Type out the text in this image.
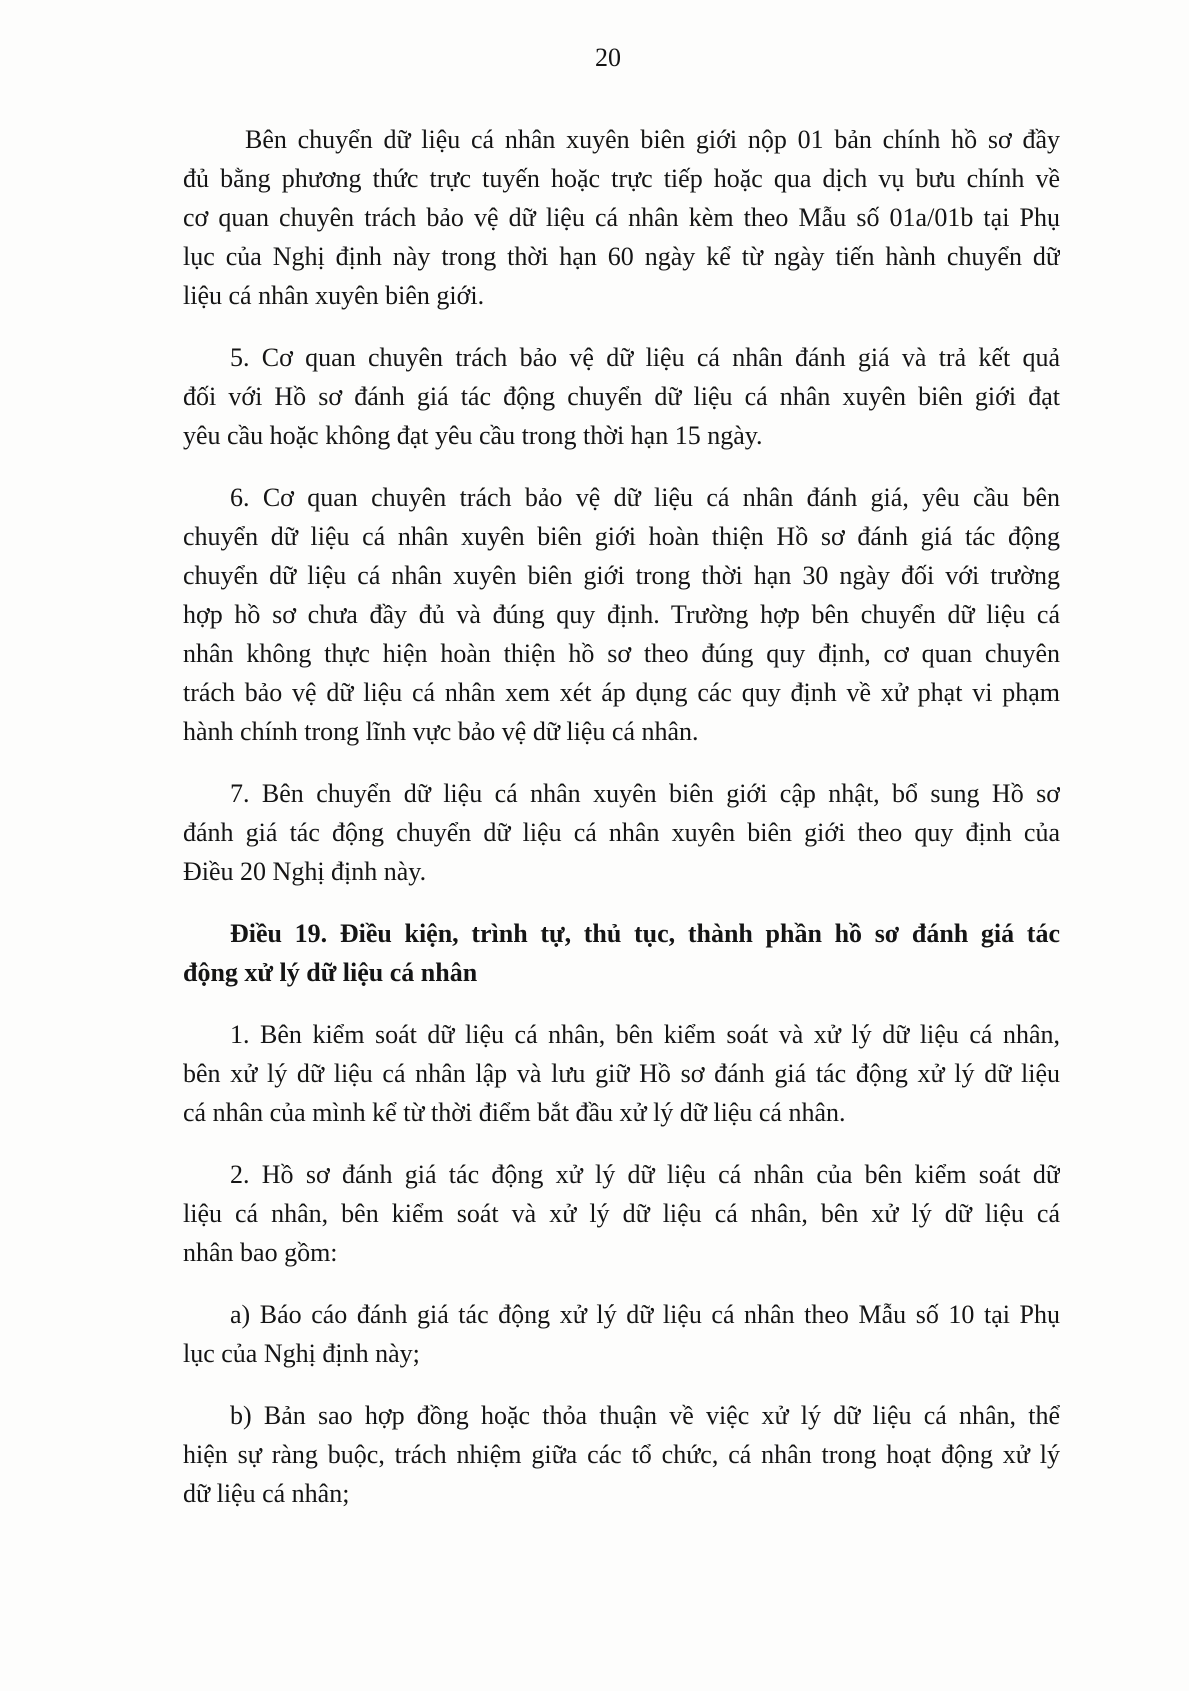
20
Bên chuyển dữ liệu cá nhân xuyên biên giới nộp 01 bản chính hồ sơ đầy
đủ bằng phương thức trực tuyến hoặc trực tiếp hoặc qua dịch vụ bưu chính về
cơ quan chuyên trách bảo vệ dữ liệu cá nhân kèm theo Mẫu số 01a/01b tại Phụ
lục của Nghị định này trong thời hạn 60 ngày kể từ ngày tiến hành chuyển dữ
liệu cá nhân xuyên biên giới.
5. Cơ quan chuyên trách bảo vệ dữ liệu cá nhân đánh giá và trả kết quả
đối với Hồ sơ đánh giá tác động chuyển dữ liệu cá nhân xuyên biên giới đạt
yêu cầu hoặc không đạt yêu cầu trong thời hạn 15 ngày.
6. Cơ quan chuyên trách bảo vệ dữ liệu cá nhân đánh giá, yêu cầu bên
chuyển dữ liệu cá nhân xuyên biên giới hoàn thiện Hồ sơ đánh giá tác động
chuyển dữ liệu cá nhân xuyên biên giới trong thời hạn 30 ngày đối với trường
hợp hồ sơ chưa đầy đủ và đúng quy định. Trường hợp bên chuyển dữ liệu cá
nhân không thực hiện hoàn thiện hồ sơ theo đúng quy định, cơ quan chuyên
trách bảo vệ dữ liệu cá nhân xem xét áp dụng các quy định về xử phạt vi phạm
hành chính trong lĩnh vực bảo vệ dữ liệu cá nhân.
7. Bên chuyển dữ liệu cá nhân xuyên biên giới cập nhật, bổ sung Hồ sơ
đánh giá tác động chuyển dữ liệu cá nhân xuyên biên giới theo quy định của
Điều 20 Nghị định này.
Điều 19. Điều kiện, trình tự, thủ tục, thành phần hồ sơ đánh giá tác
động xử lý dữ liệu cá nhân
1. Bên kiểm soát dữ liệu cá nhân, bên kiểm soát và xử lý dữ liệu cá nhân,
bên xử lý dữ liệu cá nhân lập và lưu giữ Hồ sơ đánh giá tác động xử lý dữ liệu
cá nhân của mình kể từ thời điểm bắt đầu xử lý dữ liệu cá nhân.
2. Hồ sơ đánh giá tác động xử lý dữ liệu cá nhân của bên kiểm soát dữ
liệu cá nhân, bên kiểm soát và xử lý dữ liệu cá nhân, bên xử lý dữ liệu cá
nhân bao gồm:
a) Báo cáo đánh giá tác động xử lý dữ liệu cá nhân theo Mẫu số 10 tại Phụ
lục của Nghị định này;
b) Bản sao hợp đồng hoặc thỏa thuận về việc xử lý dữ liệu cá nhân, thể
hiện sự ràng buộc, trách nhiệm giữa các tổ chức, cá nhân trong hoạt động xử lý
dữ liệu cá nhân;
